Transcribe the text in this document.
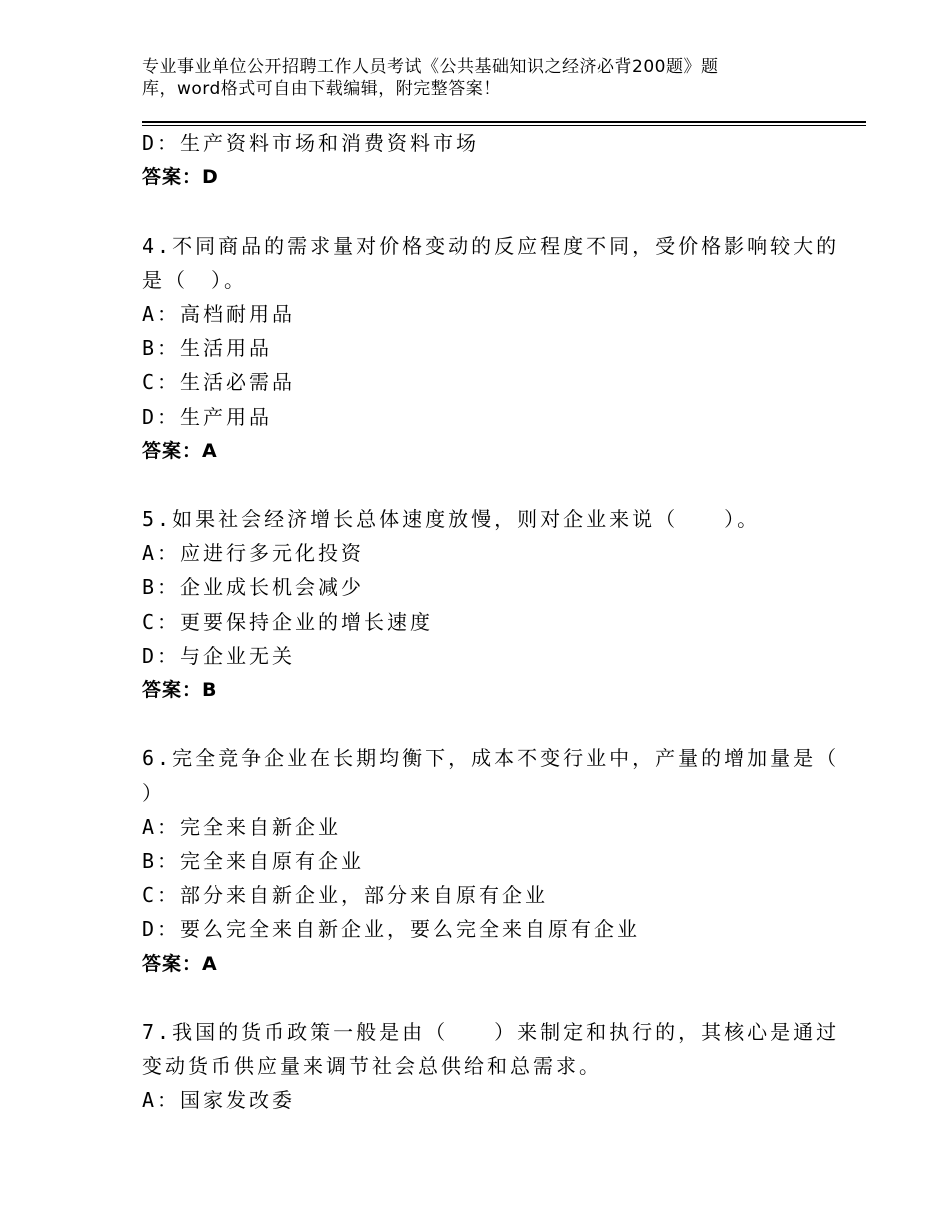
专业事业单位公开招聘工作人员考试《公共基础知识之经济必背200题》题
库，word格式可自由下载编辑，附完整答案！
D：生产资料市场和消费资料市场
答案：D
4.不同商品的需求量对价格变动的反应程度不同，受价格影响较大的
是（　）。
A：高档耐用品
B：生活用品
C：生活必需品
D：生产用品
答案：A
5.如果社会经济增长总体速度放慢，则对企业来说（　　）。
A：应进行多元化投资
B：企业成长机会减少
C：更要保持企业的增长速度
D：与企业无关
答案：B
6.完全竞争企业在长期均衡下，成本不变行业中，产量的增加量是（
）
A：完全来自新企业
B：完全来自原有企业
C：部分来自新企业，部分来自原有企业
D：要么完全来自新企业，要么完全来自原有企业
答案：A
7.我国的货币政策一般是由（　　）来制定和执行的，其核心是通过
变动货币供应量来调节社会总供给和总需求。
A：国家发改委
